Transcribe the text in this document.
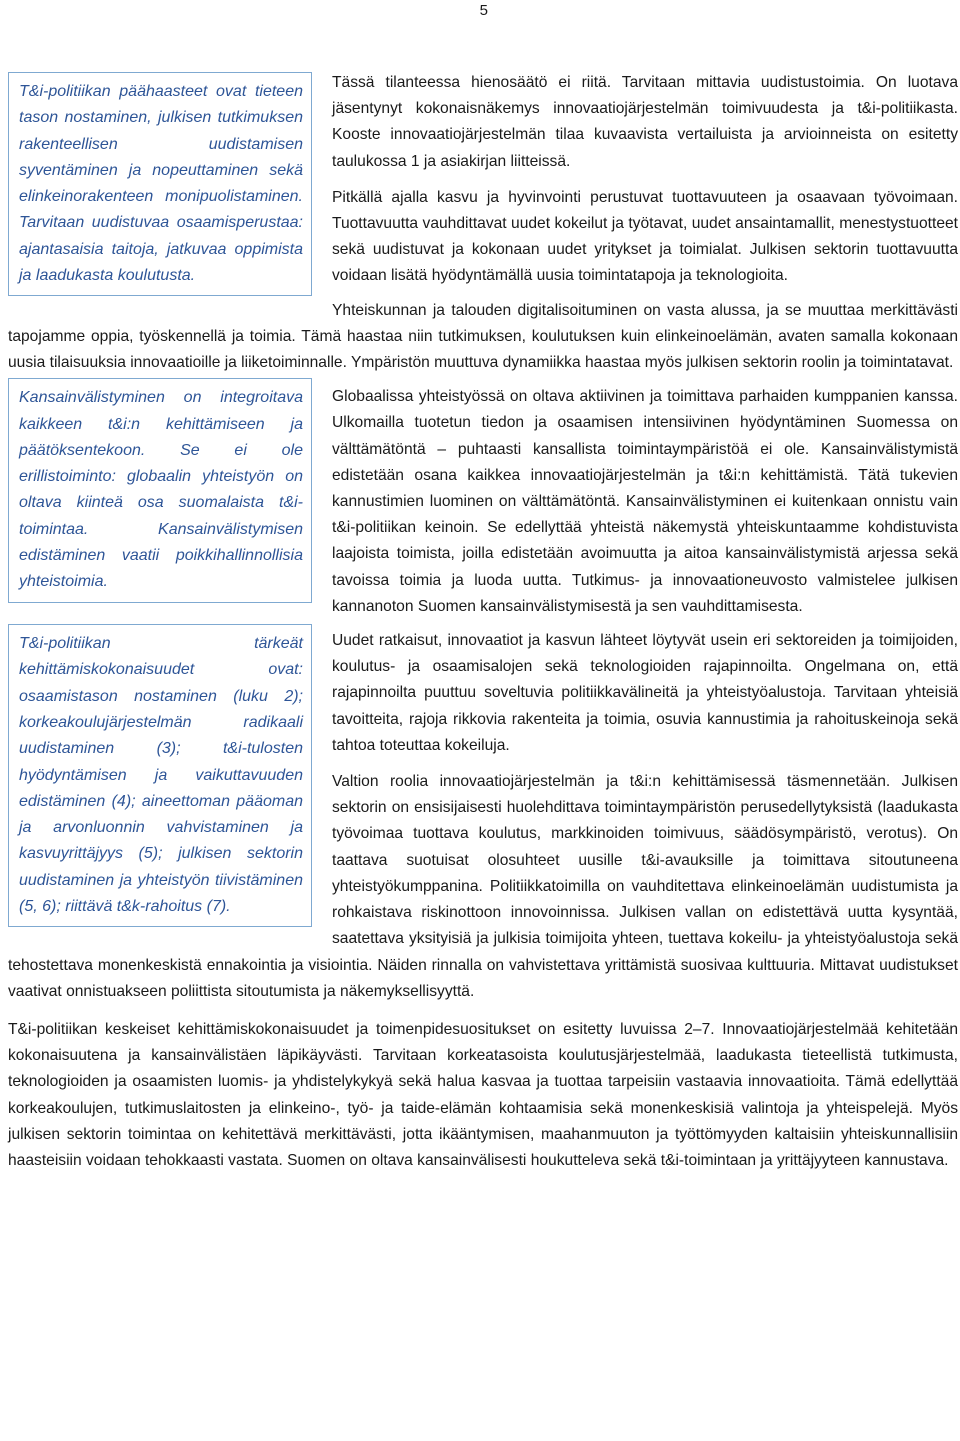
5
T&i-politiikan päähaasteet ovat tieteen tason nostaminen, julkisen tutkimuksen rakenteellisen uudistamisen syventäminen ja nopeuttaminen sekä elinkeinorakenteen monipuolistaminen. Tarvitaan uudistuvaa osaamisperustaa: ajantasaisia taitoja, jatkuvaa oppimista ja laadukasta koulutusta.

Tässä tilanteessa hienosäätö ei riitä. Tarvitaan mittavia uudistustoimia. On luotava jäsentynyt kokonaisnäkemys innovaatiojärjestelmän toimivuudesta ja t&i-politiikasta. Kooste innovaatiojärjestelmän tilaa kuvaavista vertailuista ja arvioinneista on esitetty taulukossa 1 ja asiakirjan liitteissä.

Pitkällä ajalla kasvu ja hyvinvointi perustuvat tuottavuuteen ja osaavaan työvoimaan. Tuottavuutta vauhdittavat uudet kokeilut ja työtavat, uudet ansaintamallit, menestystuotteet sekä uudistuvat ja kokonaan uudet yritykset ja toimialat. Julkisen sektorin tuottavuutta voidaan lisätä hyödyntämällä uusia toimintatapoja ja teknologioita.

Yhteiskunnan ja talouden digitalisoituminen on vasta alussa, ja se muuttaa merkittävästi tapojamme oppia, työskennellä ja toimia. Tämä haastaa niin tutkimuksen, koulutuksen kuin elinkeinoelämän, avaten samalla kokonaan uusia tilaisuuksia innovaatioille ja liiketoiminnalle. Ympäristön muuttuva dynamiikka haastaa myös julkisen sektorin roolin ja toimintatavat.

Kansainvälistyminen on integroitava kaikkeen t&i:n kehittämiseen ja päätöksentekoon. Se ei ole erillistoiminto: globaalin yhteistyön on oltava kiinteä osa suomalaista t&i-toimintaa. Kansainvälistymisen edistäminen vaatii poikkihallinnollisia yhteistoimia.

Globaalissa yhteistyössä on oltava aktiivinen ja toimittava parhaiden kumppanien kanssa. Ulkomailla tuotetun tiedon ja osaamisen intensiivinen hyödyntäminen Suomessa on välttämätöntä – puhtaasti kansallista toimintaympäristöä ei ole. Kansainvälistymistä edistetään osana kaikkea innovaatiojärjestelmän ja t&i:n kehittämistä. Tätä tukevien kannustimien luominen on välttämätöntä. Kansainvälistyminen ei kuitenkaan onnistu vain t&i-politiikan keinoin. Se edellyttää yhteistä näkemystä yhteiskuntaamme kohdistuvista laajoista toimista, joilla edistetään avoimuutta ja aitoa kansainvälistymistä arjessa sekä tavoissa toimia ja luoda uutta. Tutkimus- ja innovaationeuvosto valmistelee julkisen kannanoton Suomen kansainvälistymisestä ja sen vauhdittamisesta.

T&i-politiikan tärkeät kehittämiskokonaisuudet ovat: osaamistason nostaminen (luku 2); korkeakoulujärjestelmän radikaali uudistaminen (3); t&i-tulosten hyödyntämisen ja vaikuttavuuden edistäminen (4); aineettoman pääoman ja arvonluonnin vahvistaminen ja kasvuyrittäjyys (5); julkisen sektorin uudistaminen ja yhteistyön tiivistäminen (5, 6); riittävä t&k-rahoitus (7).

Uudet ratkaisut, innovaatiot ja kasvun lähteet löytyvät usein eri sektoreiden ja toimijoiden, koulutus- ja osaamisalojen sekä teknologioiden rajapinnoilta. Ongelmana on, että rajapinnoilta puuttuu soveltuvia politiikkavälineitä ja yhteistyöalustoja. Tarvitaan yhteisiä tavoitteita, rajoja rikkovia rakenteita ja toimia, osuvia kannustimia ja rahoituskeinoja sekä tahtoa toteuttaa kokeiluja.

Valtion roolia innovaatiojärjestelmän ja t&i:n kehittämisessä täsmennetään. Julkisen sektorin on ensisijaisesti huolehdittava toimintaympäristön perusedellytyksistä (laadukasta työvoimaa tuottava koulutus, markkinoiden toimivuus, säädösympäristö, verotus). On taattava suotuisat olosuhteet uusille t&i-avauksille ja toimittava sitoutuneena yhteistyökumppanina. Politiikkatoimilla on vauhditettava elinkeinoelämän uudistumista ja rohkaistava riskinottoon innovoinnissa. Julkisen vallan on edistettävä uutta kysyntää, saatettava yksityisiä ja julkisia toimijoita yhteen, tuettava kokeilu- ja yhteistyöalustoja sekä tehostettava monenkeskistä ennakointia ja visiointia. Näiden rinnalla on vahvistettava yrittämistä suosivaa kulttuuria. Mittavat uudistukset vaativat onnistuakseen poliittista sitoutumista ja näkemyksellisyyttä.

T&i-politiikan keskeiset kehittämiskokonaisuudet ja toimenpidesuositukset on esitetty luvuissa 2–7. Innovaatiojärjestelmää kehitetään kokonaisuutena ja kansainvälistäen läpikäyvästi. Tarvitaan korkeatasoista koulutusjärjestelmää, laadukasta tieteellistä tutkimusta, teknologioiden ja osaamisten luomis- ja yhdistelykykyä sekä halua kasvaa ja tuottaa tarpeisiin vastaavia innovaatioita. Tämä edellyttää korkeakoulujen, tutkimuslaitosten ja elinkeino-, työ- ja taide-elämän kohtaamisia sekä monenkeskisiä valintoja ja yhteispelejä. Myös julkisen sektorin toimintaa on kehitettävä merkittävästi, jotta ikääntymisen, maahanmuuton ja työttömyyden kaltaisiin yhteiskunnallisiin haasteisiin voidaan tehokkaasti vastata. Suomen on oltava kansainvälisesti houkutteleva sekä t&i-toimintaan ja yrittäjyyteen kannustava.
